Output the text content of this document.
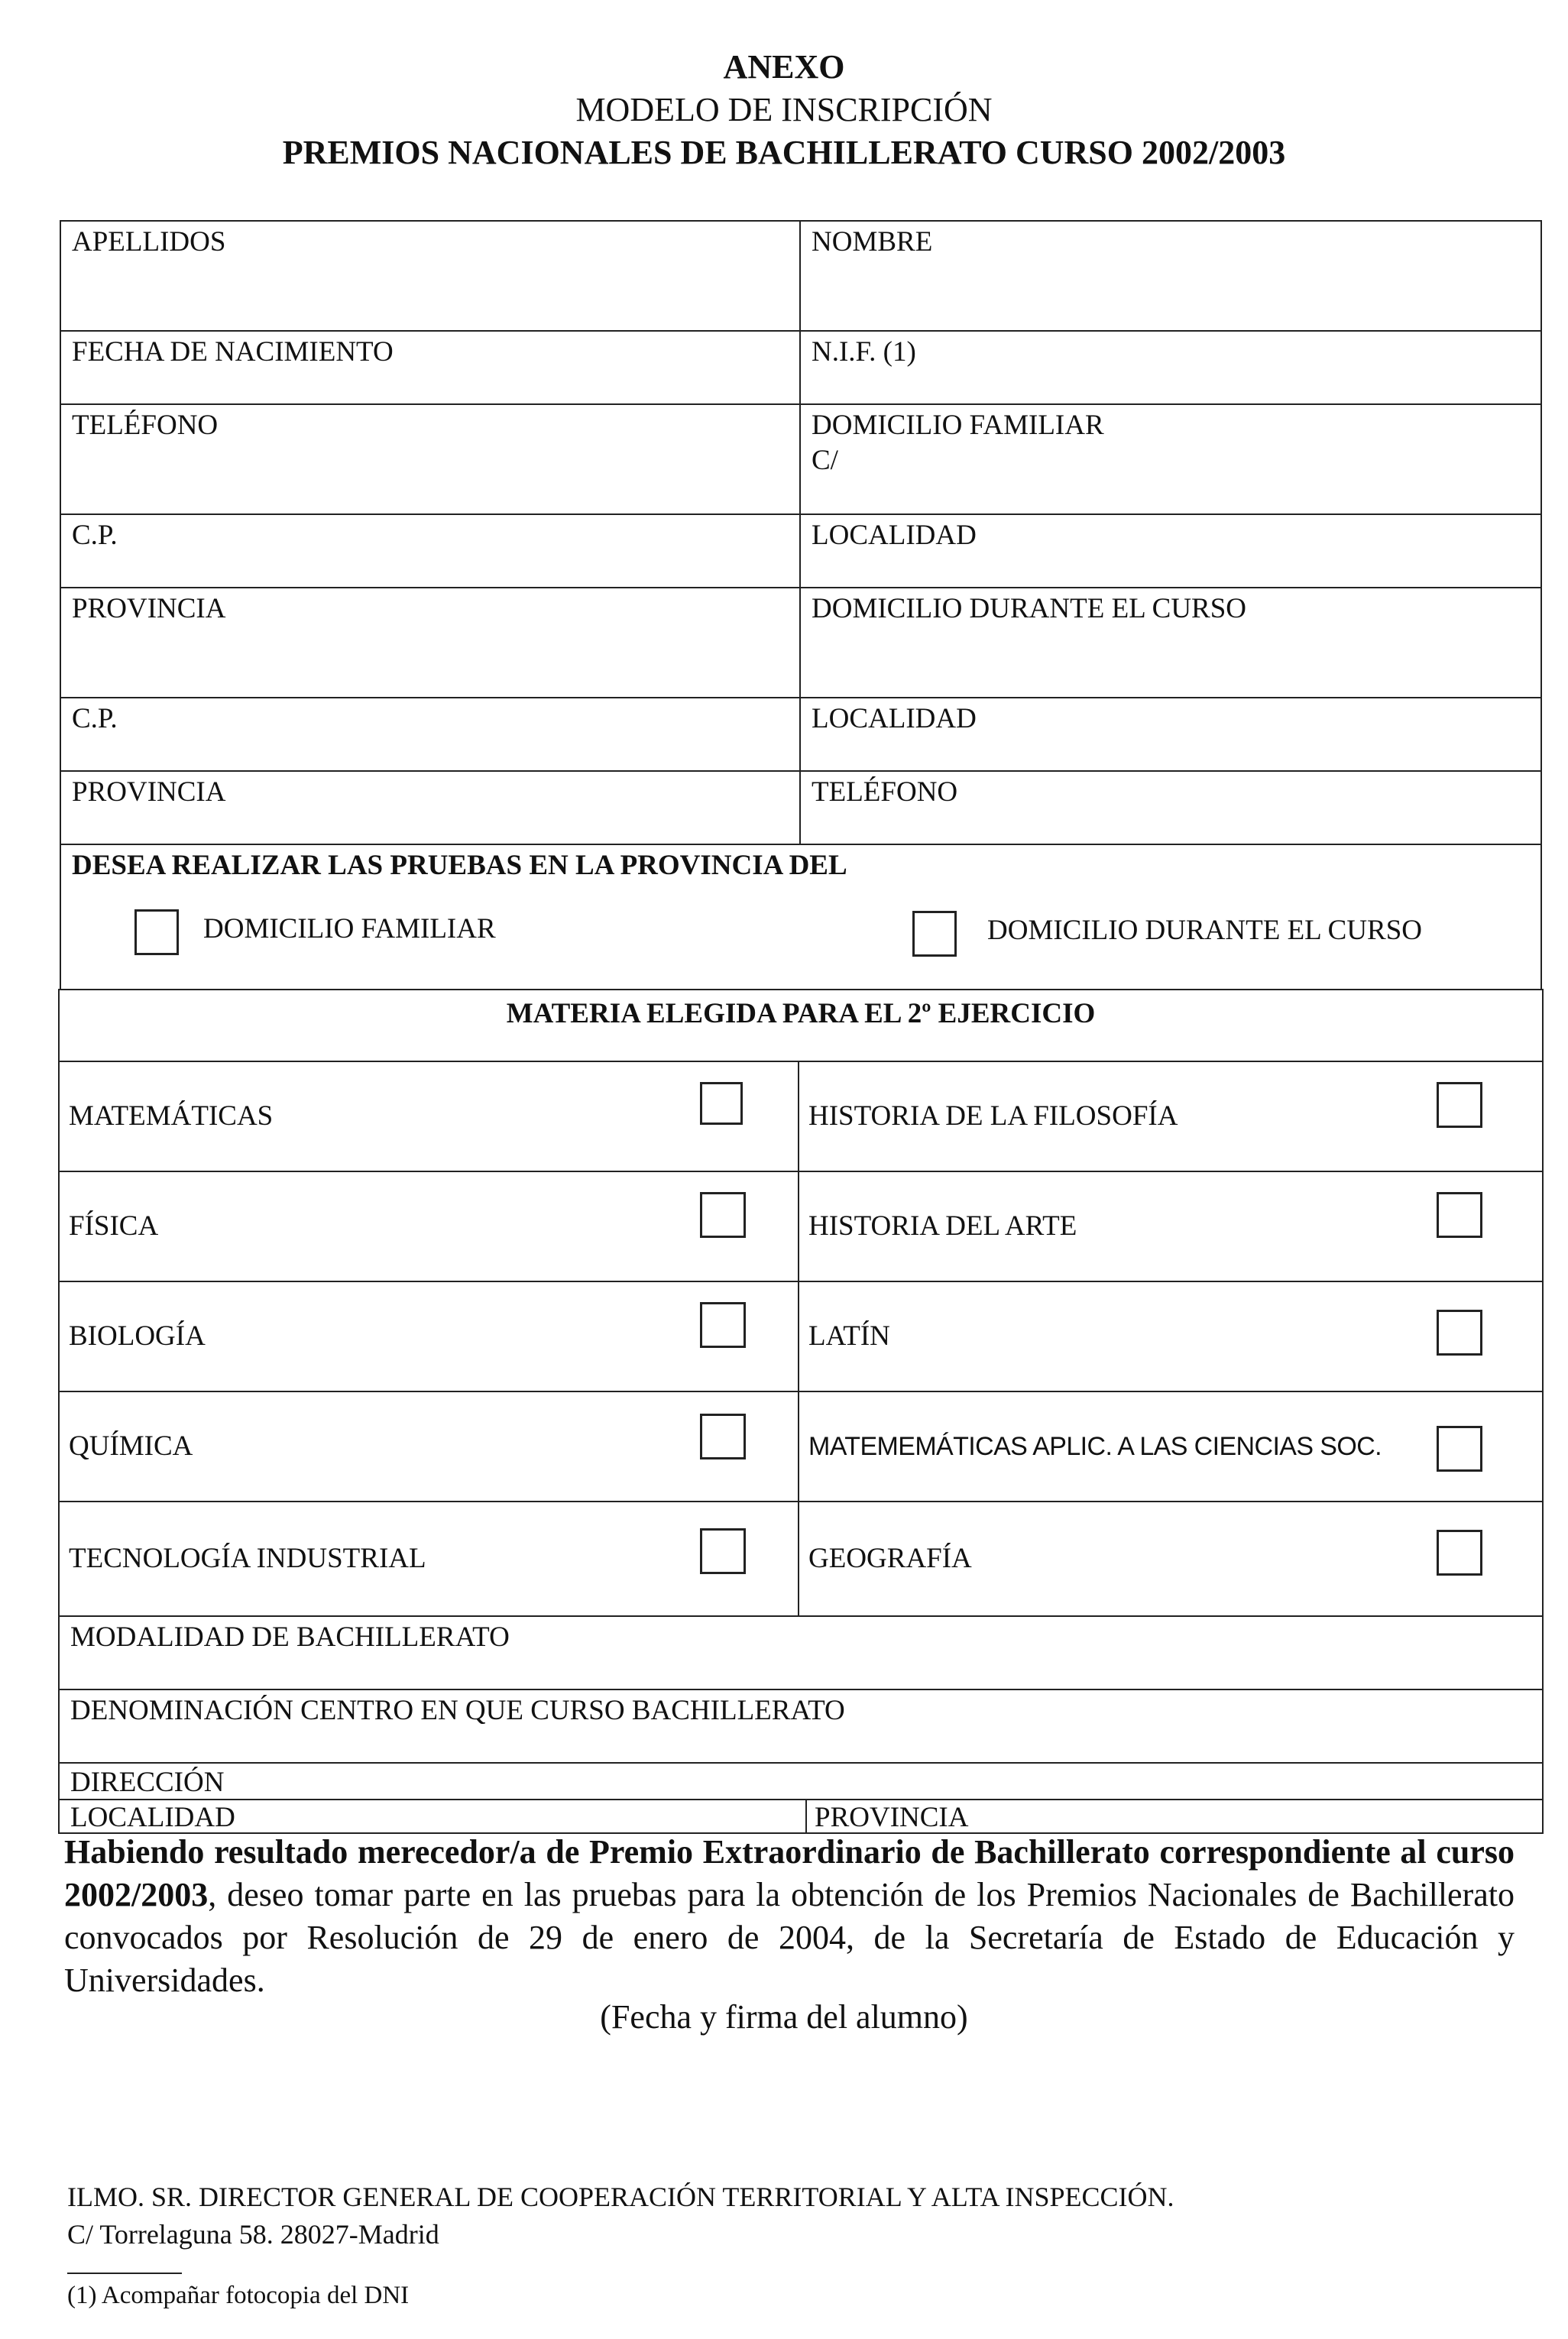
ANEXO
MODELO DE INSCRIPCIÓN
PREMIOS NACIONALES DE BACHILLERATO CURSO 2002/2003
APELLIDOS	NOMBRE
FECHA DE NACIMIENTO	N.I.F. (1)
TELÉFONO	DOMICILIO FAMILIAR
C/
C.P.	LOCALIDAD
PROVINCIA	DOMICILIO DURANTE EL CURSO
C.P.	LOCALIDAD
PROVINCIA	TELÉFONO
DESEA REALIZAR LAS PRUEBAS EN LA PROVINCIA DEL
DOMICILIO FAMILIAR	DOMICILIO DURANTE EL CURSO
MATERIA ELEGIDA PARA EL 2º EJERCICIO
MATEMÁTICAS	HISTORIA DE LA FILOSOFÍA
FÍSICA	HISTORIA DEL ARTE
BIOLOGÍA	LATÍN
QUÍMICA	MATEMEMÁTICAS APLIC. A LAS CIENCIAS SOC.
TECNOLOGÍA INDUSTRIAL	GEOGRAFÍA
MODALIDAD DE BACHILLERATO
DENOMINACIÓN CENTRO EN QUE CURSO BACHILLERATO
DIRECCIÓN
LOCALIDAD	PROVINCIA
Habiendo resultado merecedor/a de Premio Extraordinario de Bachillerato correspondiente al curso 2002/2003, deseo tomar parte en las pruebas para la obtención de los Premios Nacionales de Bachillerato convocados por Resolución de 29 de enero de 2004, de la Secretaría de Estado de Educación y Universidades.
(Fecha y firma del alumno)
ILMO. SR. DIRECTOR GENERAL DE COOPERACIÓN TERRITORIAL Y ALTA INSPECCIÓN.
C/ Torrelaguna 58. 28027-Madrid
(1) Acompañar fotocopia del DNI
